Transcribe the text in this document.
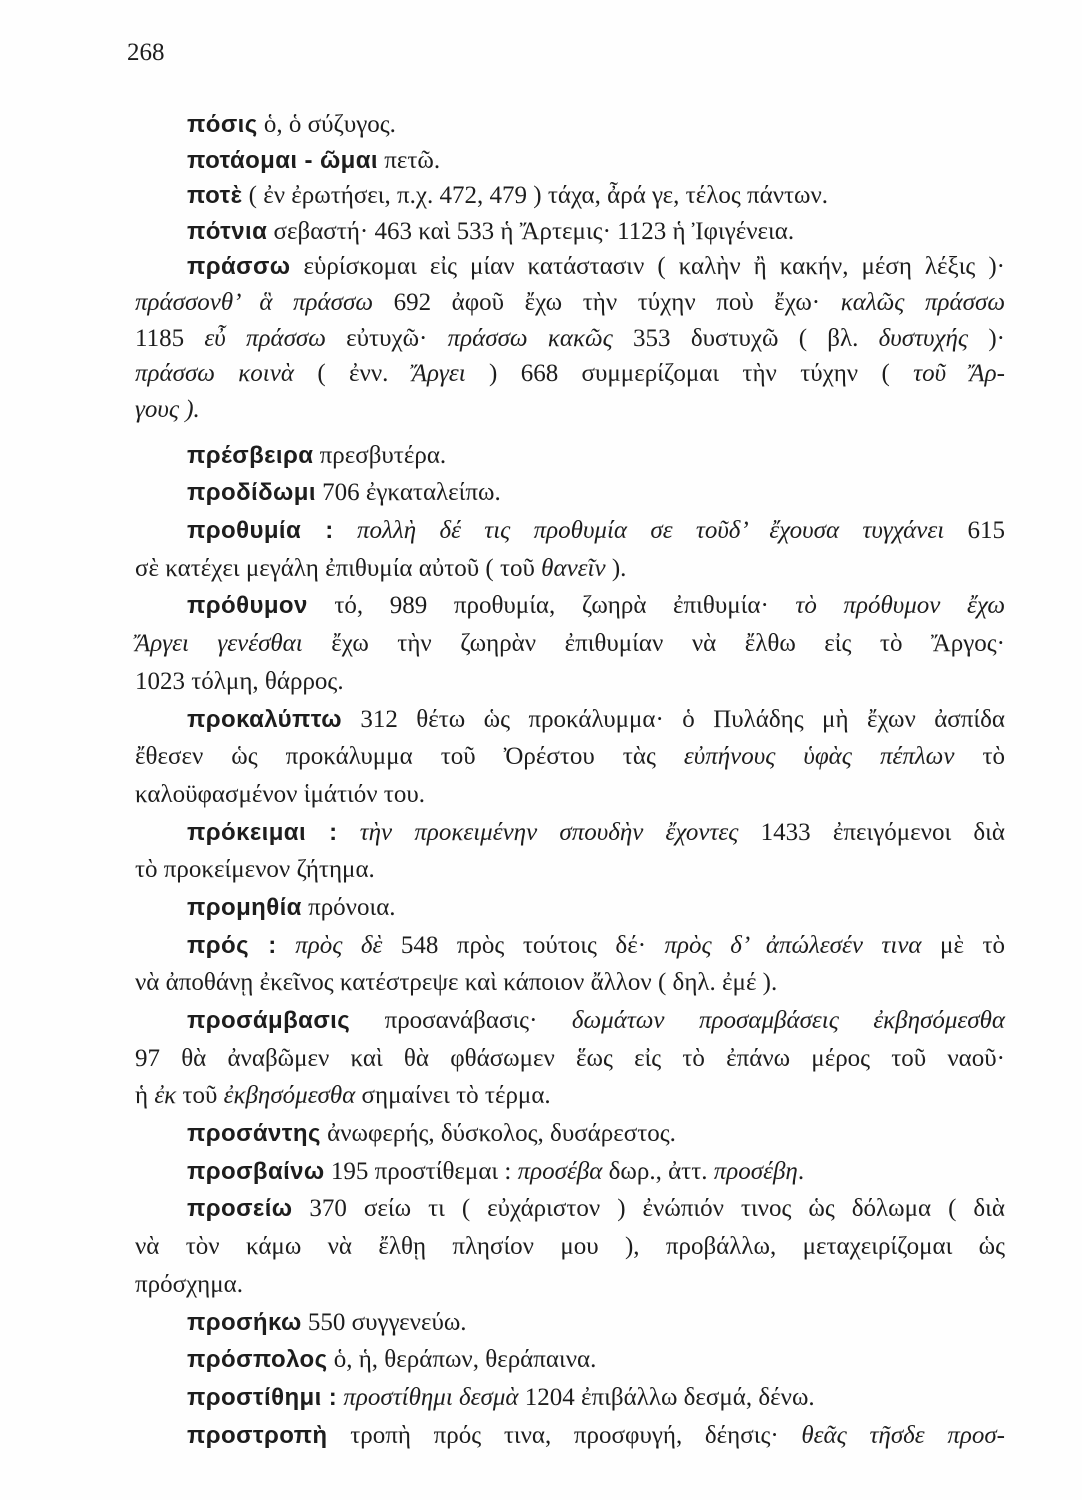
268
πόσις ὁ, ὁ σύζυγος.
ποτάομαι - ῶμαι πετῶ.
ποτὲ ( ἐν ἐρωτήσει, π.χ. 472, 479 ) τάχα, ἆρά γε, τέλος πάντων.
πότνια σεβαστή· 463 καὶ 533 ἡ Ἄρτεμις· 1123 ἡ Ἰφιγένεια.
πράσσω εὑρίσκομαι εἰς μίαν κατάστασιν ( καλὴν ἢ κακήν, μέση λέξις )·
πράσσονθ’ ἃ πράσσω 692 ἀφοῦ ἔχω τὴν τύχην ποὺ ἔχω· καλῶς πράσσω
1185 εὖ πράσσω εὐτυχῶ· πράσσω κακῶς 353 δυστυχῶ ( βλ. δυστυχής )·
πράσσω κοινὰ ( ἐνν. Ἄργει ) 668 συμμερίζομαι τὴν τύχην ( τοῦ Ἄρ-
γους ).
πρέσβειρα πρεσβυτέρα.
προδίδωμι 706 ἐγκαταλείπω.
προθυμία : πολλὴ δέ τις προθυμία σε τοῦδ’ ἔχουσα τυγχάνει 615
σὲ κατέχει μεγάλη ἐπιθυμία αὐτοῦ ( τοῦ θανεῖν ).
πρόθυμον τό, 989 προθυμία, ζωηρὰ ἐπιθυμία· τὸ πρόθυμον ἔχω
Ἄργει γενέσθαι ἔχω τὴν ζωηρὰν ἐπιθυμίαν νὰ ἔλθω εἰς τὸ Ἄργος·
1023 τόλμη, θάρρος.
προκαλύπτω 312 θέτω ὡς προκάλυμμα· ὁ Πυλάδης μὴ ἔχων ἀσπίδα
ἔθεσεν ὡς προκάλυμμα τοῦ Ὀρέστου τὰς εὐπήνους ὑφὰς πέπλων τὸ
καλοϋφασμένον ἱμάτιόν του.
πρόκειμαι : τὴν προκειμένην σπουδὴν ἔχοντες 1433 ἐπειγόμενοι διὰ
τὸ προκείμενον ζήτημα.
προμηθία πρόνοια.
πρός : πρὸς δὲ 548 πρὸς τούτοις δέ· πρὸς δ’ ἀπώλεσέν τινα μὲ τὸ
νὰ ἀποθάνῃ ἐκεῖνος κατέστρεψε καὶ κάποιον ἄλλον ( δηλ. ἐμέ ).
προσάμβασις προσανάβασις· δωμάτων προσαμβάσεις ἐκβησόμεσθα
97 θὰ ἀναβῶμεν καὶ θὰ φθάσωμεν ἕως εἰς τὸ ἐπάνω μέρος τοῦ ναοῦ·
ἡ ἐκ τοῦ ἐκβησόμεσθα σημαίνει τὸ τέρμα.
προσάντης ἀνωφερής, δύσκολος, δυσάρεστος.
προσβαίνω 195 προστίθεμαι : προσέβα δωρ., ἀττ. προσέβη.
προσείω 370 σείω τι ( εὐχάριστον ) ἐνώπιόν τινος ὡς δόλωμα ( διὰ
νὰ τὸν κάμω νὰ ἔλθῃ πλησίον μου ), προβάλλω, μεταχειρίζομαι ὡς
πρόσχημα.
προσήκω 550 συγγενεύω.
πρόσπολος ὁ, ἡ, θεράπων, θεράπαινα.
προστίθημι : προστίθημι δεσμὰ 1204 ἐπιβάλλω δεσμά, δένω.
προστροπὴ τροπὴ πρός τινα, προσφυγή, δέησις· θεᾶς τῆσδε προσ-
